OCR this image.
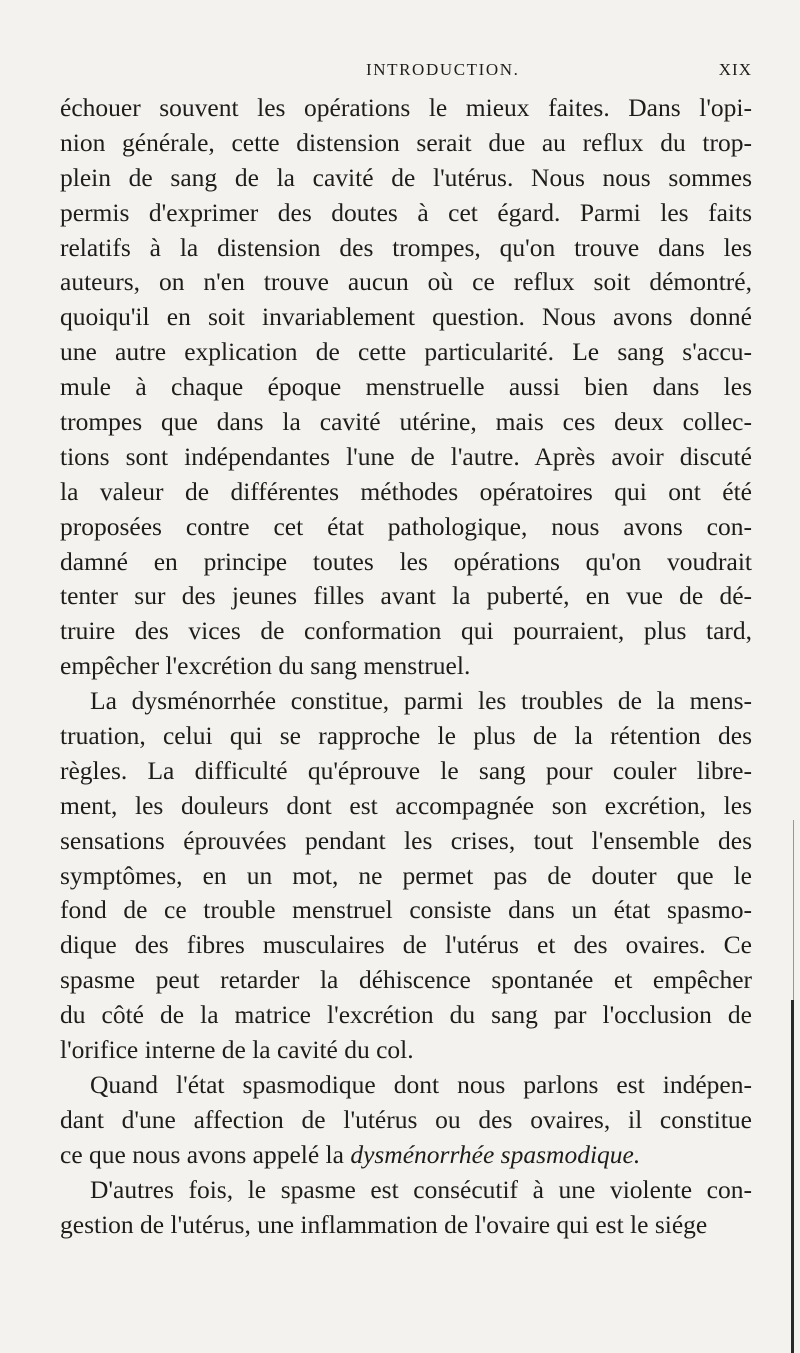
INTRODUCTION.	XIX
échouer souvent les opérations le mieux faites. Dans l'opi-
nion générale, cette distension serait due au reflux du trop-
plein de sang de la cavité de l'utérus. Nous nous sommes
permis d'exprimer des doutes à cet égard. Parmi les faits
relatifs à la distension des trompes, qu'on trouve dans les
auteurs, on n'en trouve aucun où ce reflux soit démontré,
quoiqu'il en soit invariablement question. Nous avons donné
une autre explication de cette particularité. Le sang s'accu-
mule à chaque époque menstruelle aussi bien dans les
trompes que dans la cavité utérine, mais ces deux collec-
tions sont indépendantes l'une de l'autre. Après avoir discuté
la valeur de différentes méthodes opératoires qui ont été
proposées contre cet état pathologique, nous avons con-
damné en principe toutes les opérations qu'on voudrait
tenter sur des jeunes filles avant la puberté, en vue de dé-
truire des vices de conformation qui pourraient, plus tard,
empêcher l'excrétion du sang menstruel.
La dysménorrhée constitue, parmi les troubles de la mens-
truation, celui qui se rapproche le plus de la rétention des
règles. La difficulté qu'éprouve le sang pour couler libre-
ment, les douleurs dont est accompagnée son excrétion, les
sensations éprouvées pendant les crises, tout l'ensemble des
symptômes, en un mot, ne permet pas de douter que le
fond de ce trouble menstruel consiste dans un état spasmo-
dique des fibres musculaires de l'utérus et des ovaires. Ce
spasme peut retarder la déhiscence spontanée et empêcher
du côté de la matrice l'excrétion du sang par l'occlusion de
l'orifice interne de la cavité du col.
Quand l'état spasmodique dont nous parlons est indépen-
dant d'une affection de l'utérus ou des ovaires, il constitue
ce que nous avons appelé la dysménorrhée spasmodique.
D'autres fois, le spasme est consécutif à une violente con-
gestion de l'utérus, une inflammation de l'ovaire qui est le siége
